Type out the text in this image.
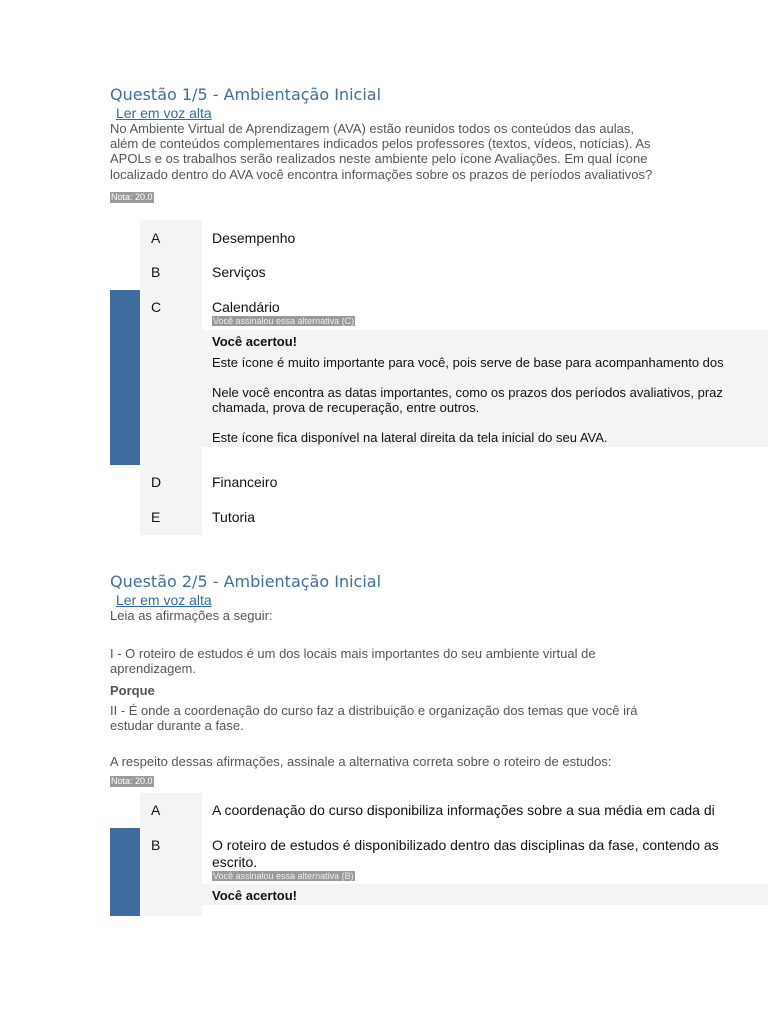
Questão 1/5 - Ambientação Inicial
Ler em voz alta
No Ambiente Virtual de Aprendizagem (AVA) estão reunidos todos os conteúdos das aulas, além de conteúdos complementares indicados pelos professores (textos, vídeos, notícias). As APOLs e os trabalhos serão realizados neste ambiente pelo ícone Avaliações. Em qual ícone localizado dentro do AVA você encontra informações sobre os prazos de períodos avaliativos?
Nota: 20.0
A	Desempenho
B	Serviços
C	Calendário
Você assinalou essa alternativa (C)
Você acertou!

Este ícone é muito importante para você, pois serve de base para acompanhamento dos

Nele você encontra as datas importantes, como os prazos dos períodos avaliativos, praz
chamada, prova de recuperação, entre outros.

Este ícone fica disponível na lateral direita da tela inicial do seu AVA.

D	Financeiro
E	Tutoria
Questão 2/5 - Ambientação Inicial
Ler em voz alta
Leia as afirmações a seguir:
I - O roteiro de estudos é um dos locais mais importantes do seu ambiente virtual de aprendizagem.
Porque
II - É onde a coordenação do curso faz a distribuição e organização dos temas que você irá estudar durante a fase.
A respeito dessas afirmações, assinale a alternativa correta sobre o roteiro de estudos:
Nota: 20.0
A	A coordenação do curso disponibiliza informações sobre a sua média em cada di
B	O roteiro de estudos é disponibilizado dentro das disciplinas da fase, contendo as
escrito.
Você assinalou essa alternativa (B)
Você acertou!
